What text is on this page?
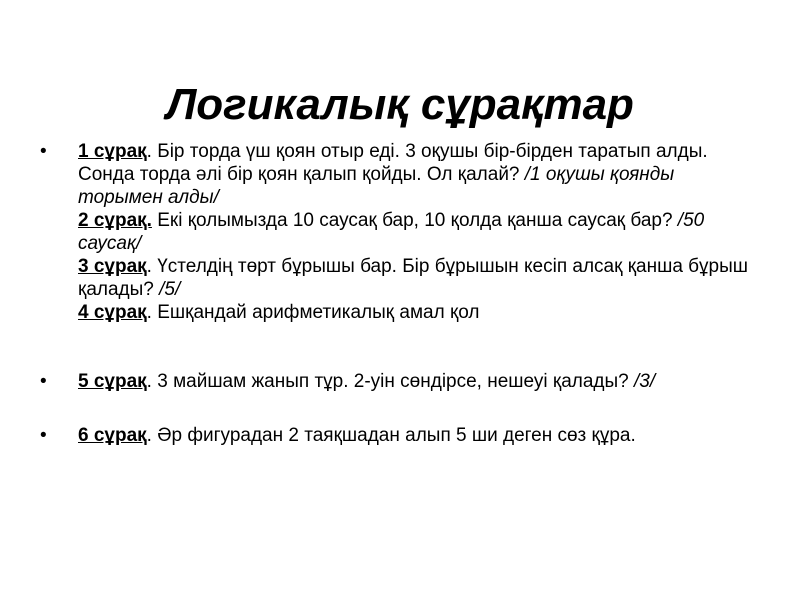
Логикалық сұрақтар
• 1 сұрақ. Бір торда үш қоян отыр еді. 3 оқушы бір-бірден таратып алды. Сонда торда әлі бір қоян қалып қойды. Ол қалай? /1 оқушы қоянды торымен алды/
2 сұрақ. Екі қолымызда 10 саусақ бар, 10 қолда қанша саусақ бар? /50 саусақ/
3 сұрақ. Үстелдің төрт бұрышы бар. Бір бұрышын кесіп алсақ қанша бұрыш қалады? /5/
4 сұрақ. Ешқандай арифметикалық амал қол
• 5 сұрақ. 3 майшам жанып тұр. 2-уін сөндірсе, нешеуі қалады? /3/
• 6 сұрақ. Әр фигурадан 2 таяқшадан алып 5 ши деген сөз құра.
